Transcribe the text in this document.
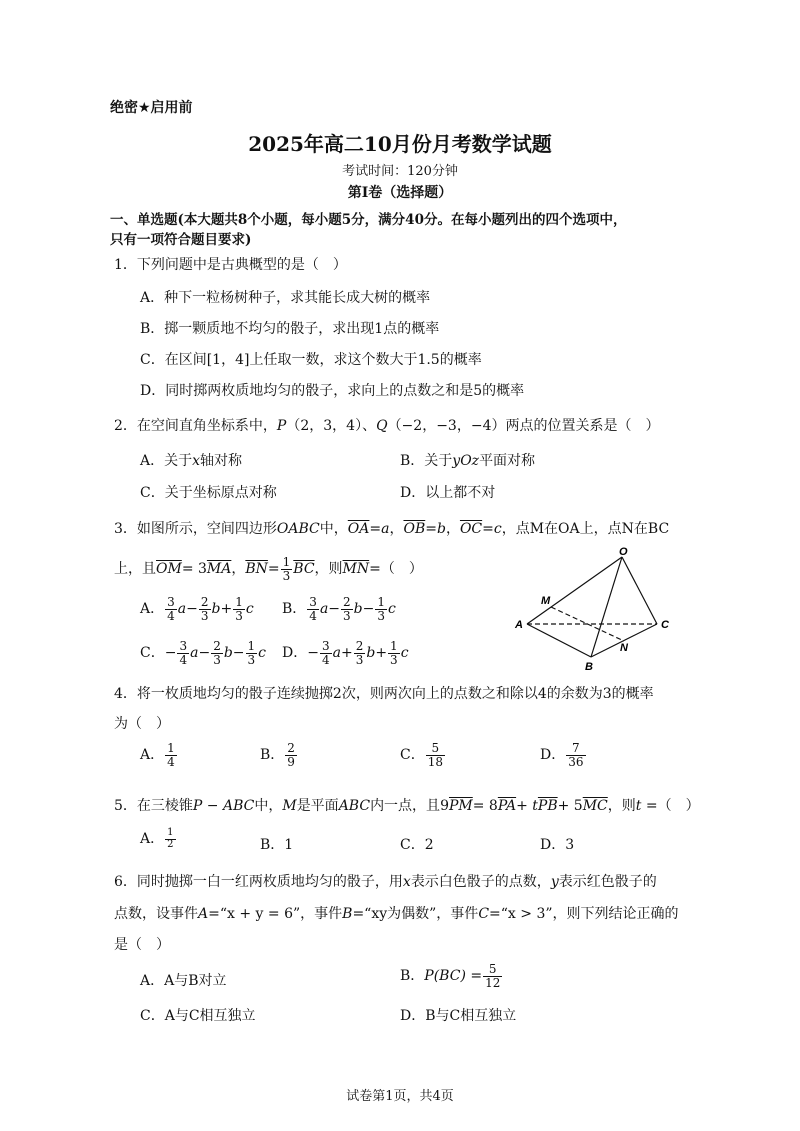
绝密★启用前
2025年高二10月份月考数学试题
考试时间：120分钟
第Ⅰ卷（选择题）
一、单选题(本大题共8个小题，每小题5分，满分40分。在每小题列出的四个选项中，
只有一项符合题目要求)
1．下列问题中是古典概型的是（　）
A．种下一粒杨树种子，求其能长成大树的概率
B．掷一颗质地不均匀的骰子，求出现1点的概率
C．在区间[1，4]上任取一数，求这个数大于1.5的概率
D．同时掷两枚质地均匀的骰子，求向上的点数之和是5的概率
2．在空间直角坐标系中，P（2，3，4）、Q（−2，−3，−4）两点的位置关系是（　）
A．关于x轴对称	B．关于yOz平面对称
C．关于坐标原点对称	D．以上都不对
3．如图所示，空间四边形OABC中，$\overline{OA}=a$，$\overline{OB}=b$，$\overline{OC}=c$，点M在OA上，点N在BC
上，且$\overline{OM}= 3\overline{MA}$，$\overline{BN}= \frac{1}{3} \overline{BC}$，则$\overline{MN}=$（　）
A． $\frac{3}{4} a- \frac{2}{3} b+ \frac{1}{3}$ c B． $\frac{3}{4} a- \frac{2}{3} b- \frac{1}{3}$ c
C．− $\frac{3}{4} a- \frac{2}{3} b- \frac{1}{3}$ c D．− $\frac{3}{4} a+ \frac{2}{3} b+ \frac{1}{3}$ c
O
M
A	C
N
B
4．将一枚质地均匀的骰子连续抛掷2次，则两次向上的点数之和除以4的余数为3的概率
为（　）
A． $\frac{1}{4}$	B． $\frac{2}{9}$	C． $\frac{5}{18}$	D． $\frac{7}{36}$
5．在三棱锥P − ABC中，M是平面ABC内一点，且$9\overline{PM}= 8\overline{PA}+ t\overline{PB}+ 5\overline{MC}$，则t =（　）
A． $\frac{1}{2}$	B．1	C．2	D．3
6．同时抛掷一白一红两枚质地均匀的骰子，用x表示白色骰子的点数，y表示红色骰子的
点数，设事件A=“x + y = 6”，事件B=“xy为偶数”，事件C=“x > 3”，则下列结论正确的
是（　）
A．A与B对立	B．$P(BC) = \frac{5}{12}$
C．A与C相互独立	D．B与C相互独立
试卷第1页，共4页
